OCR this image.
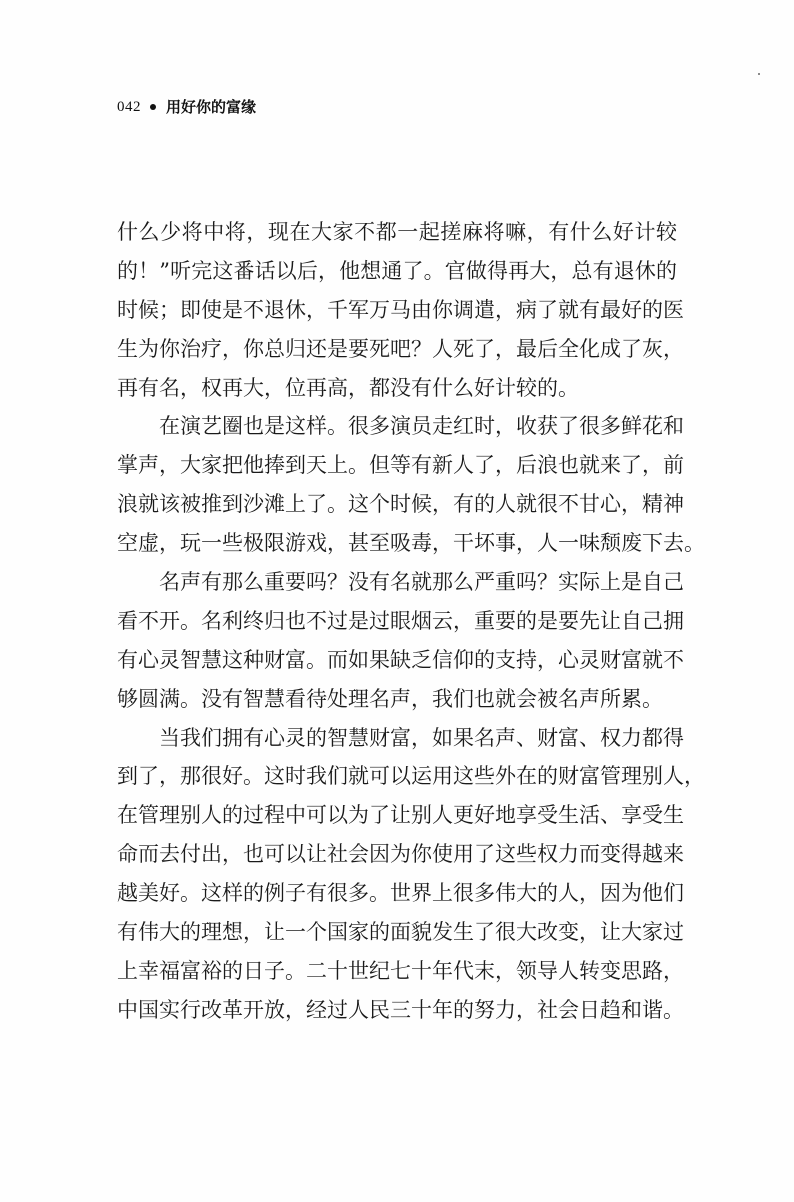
042 用好你的富缘
什么少将中将，现在大家不都一起搓麻将嘛，有什么好计较
的！”听完这番话以后，他想通了。官做得再大，总有退休的
时候；即使是不退休，千军万马由你调遣，病了就有最好的医
生为你治疗，你总归还是要死吧？人死了，最后全化成了灰，
再有名，权再大，位再高，都没有什么好计较的。
在演艺圈也是这样。很多演员走红时，收获了很多鲜花和
掌声，大家把他捧到天上。但等有新人了，后浪也就来了，前
浪就该被推到沙滩上了。这个时候，有的人就很不甘心，精神
空虚，玩一些极限游戏，甚至吸毒，干坏事，人一味颓废下去。
名声有那么重要吗？没有名就那么严重吗？实际上是自己
看不开。名利终归也不过是过眼烟云，重要的是要先让自己拥
有心灵智慧这种财富。而如果缺乏信仰的支持，心灵财富就不
够圆满。没有智慧看待处理名声，我们也就会被名声所累。
当我们拥有心灵的智慧财富，如果名声、财富、权力都得
到了，那很好。这时我们就可以运用这些外在的财富管理别人，
在管理别人的过程中可以为了让别人更好地享受生活、享受生
命而去付出，也可以让社会因为你使用了这些权力而变得越来
越美好。这样的例子有很多。世界上很多伟大的人，因为他们
有伟大的理想，让一个国家的面貌发生了很大改变，让大家过
上幸福富裕的日子。二十世纪七十年代末，领导人转变思路，
中国实行改革开放，经过人民三十年的努力，社会日趋和谐。
